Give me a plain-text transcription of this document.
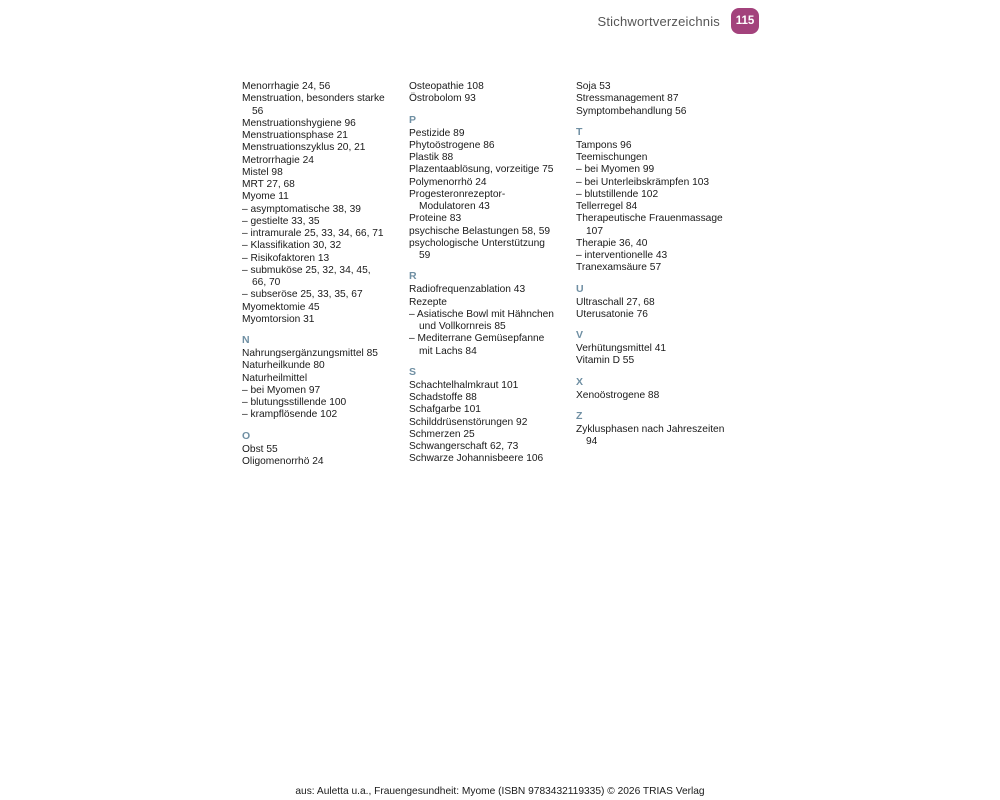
Stichwortverzeichnis	115
Menorrhagie 24, 56
Menstruation, besonders starke
56
Menstruationshygiene 96
Menstruationsphase 21
Menstruationszyklus 20, 21
Metrorrhagie 24
Mistel 98
MRT 27, 68
Myome 11
– asymptomatische 38, 39
– gestielte 33, 35
– intramurale 25, 33, 34, 66, 71
– Klassifikation 30, 32
– Risikofaktoren 13
– submuköse 25, 32, 34, 45,
66, 70
– subseröse 25, 33, 35, 67
Myomektomie 45
Myomtorsion 31
N
Nahrungsergänzungsmittel 85
Naturheilkunde 80
Naturheilmittel
– bei Myomen 97
– blutungsstillende 100
– krampflösende 102
O
Obst 55
Oligomenorrhö 24
Osteopathie 108
Östrobolom 93
P
Pestizide 89
Phytoöstrogene 86
Plastik 88
Plazentaablösung, vorzeitige 75
Polymenorrhö 24
Progesteronrezeptor-
Modulatoren 43
Proteine 83
psychische Belastungen 58, 59
psychologische Unterstützung
59
R
Radiofrequenzablation 43
Rezepte
– Asiatische Bowl mit Hähnchen
und Vollkornreis 85
– Mediterrane Gemüsepfanne
mit Lachs 84
S
Schachtelhalmkraut 101
Schadstoffe 88
Schafgarbe 101
Schilddrüsenstörungen 92
Schmerzen 25
Schwangerschaft 62, 73
Schwarze Johannisbeere 106
Soja 53
Stressmanagement 87
Symptombehandlung 56
T
Tampons 96
Teemischungen
– bei Myomen 99
– bei Unterleibskrämpfen 103
– blutstillende 102
Tellerregel 84
Therapeutische Frauenmassage
107
Therapie 36, 40
– interventionelle 43
Tranexamsäure 57
U
Ultraschall 27, 68
Uterusatonie 76
V
Verhütungsmittel 41
Vitamin D 55
X
Xenoöstrogene 88
Z
Zyklusphasen nach Jahreszeiten
94
aus: Auletta u.a., Frauengesundheit: Myome (ISBN 9783432119335) © 2026 TRIAS Verlag
